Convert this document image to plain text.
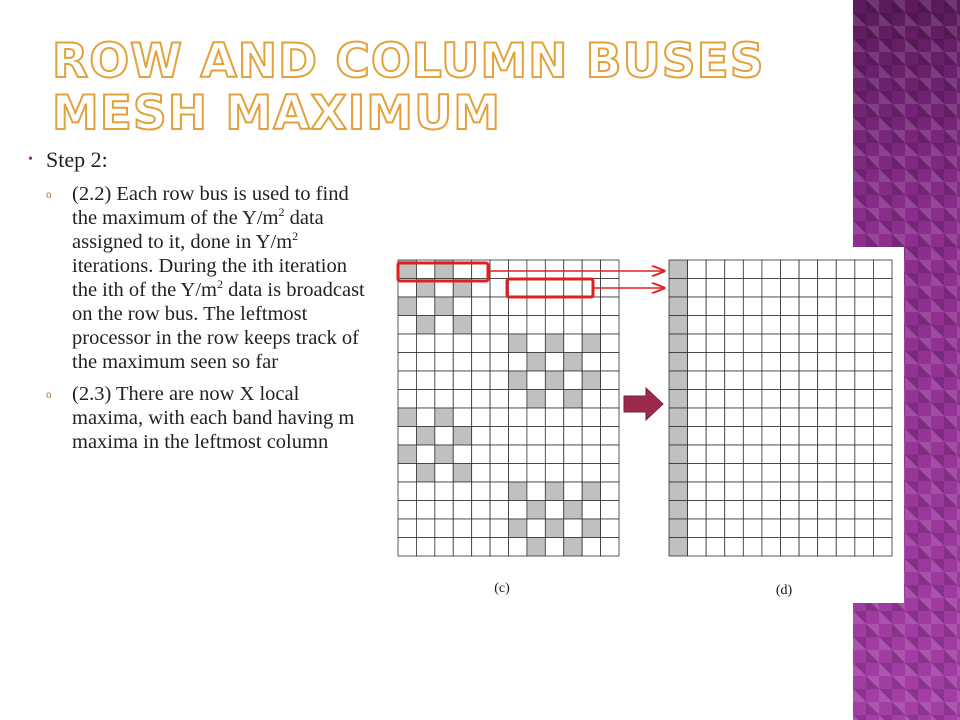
ROW AND COLUMN BUSES MESH MAXIMUM
• Step 2:
o (2.2) Each row bus is used to find the maximum of the $Y/m^2$ data assigned to it, done in $Y/m^2$ iterations. During the ith iteration the ith of the $Y/m^2$ data is broadcast on the row bus. The leftmost processor in the row keeps track of the maximum seen so far
o (2.3) There are now X local maxima, with each band having m maxima in the leftmost column
(c)	(d)
